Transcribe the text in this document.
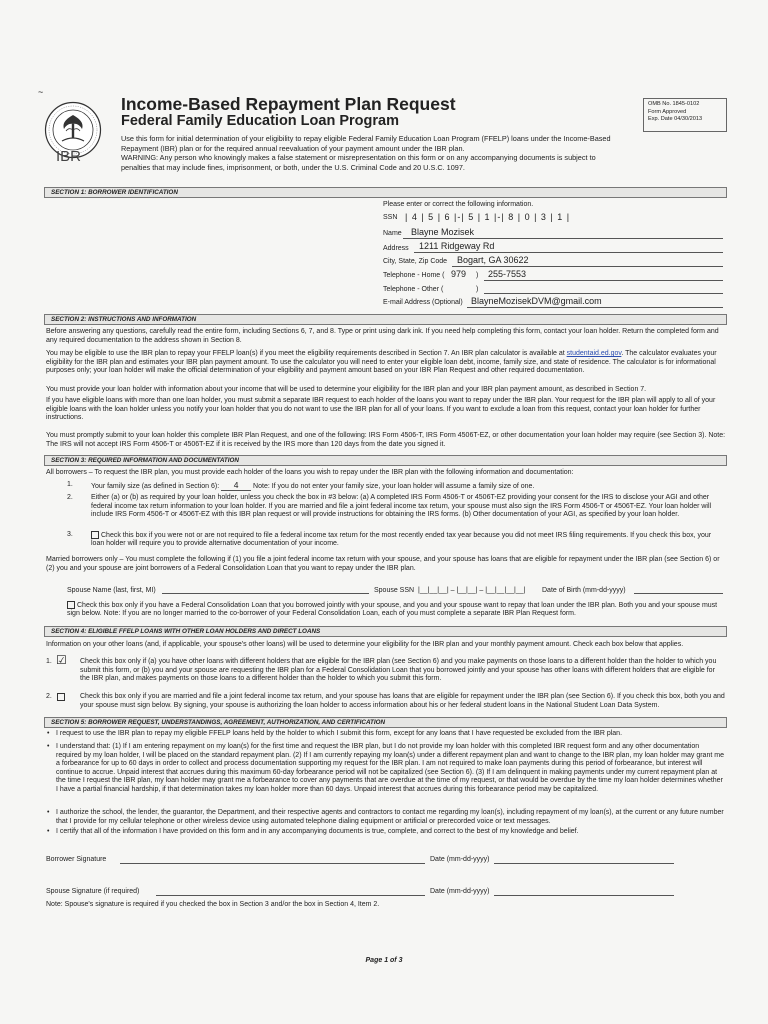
~
IBR
Income-Based Repayment Plan Request
Federal Family Education Loan Program
Use this form for initial determination of your eligibility to repay eligible Federal Family Education Loan Program (FFELP) loans under the Income-Based Repayment (IBR) plan or for the required annual reevaluation of your payment amount under the IBR plan.
WARNING: Any person who knowingly makes a false statement or misrepresentation on this form or on any accompanying documents is subject to penalties that may include fines, imprisonment, or both, under the U.S. Criminal Code and 20 U.S.C. 1097.
OMB No. 1845-0102
Form Approved
Exp. Date 04/30/2013
SECTION 1: BORROWER IDENTIFICATION
Please enter or correct the following information.
SSN | 4 | 5 | 6 |-| 5 | 1 |-| 8 | 0 | 3 | 1 |
Name	Blayne Mozisek
Address	1211 Ridgeway Rd
City, State, Zip Code	Bogart, GA 30622
Telephone - Home ( 979 )	255-7553
Telephone - Other (	)
E-mail Address (Optional) BlayneMozisekDVM@gmail.com
SECTION 2: INSTRUCTIONS AND INFORMATION
Before answering any questions, carefully read the entire form, including Sections 6, 7, and 8. Type or print using dark ink. If you need help completing this form, contact your loan holder. Return the completed form and any required documentation to the address shown in Section 8.
You may be eligible to use the IBR plan to repay your FFELP loan(s) if you meet the eligibility requirements described in Section 7. An IBR plan calculator is available at studentaid.ed.gov. The calculator evaluates your eligibility for the IBR plan and estimates your IBR plan payment amount. To use the calculator you will need to enter your eligible loan debt, income, family size, and state of residence. The calculator is for informational purposes only; your loan holder will make the official determination of your eligibility and payment amount based on your IBR Plan Request and other required documentation.
You must provide your loan holder with information about your income that will be used to determine your eligibility for the IBR plan and your IBR plan payment amount, as described in Section 7.
If you have eligible loans with more than one loan holder, you must submit a separate IBR request to each holder of the loans you want to repay under the IBR plan. Your request for the IBR plan will apply to all of your eligible loans with the loan holder unless you notify your loan holder that you do not want to use the IBR plan for all of your loans. If you want to exclude a loan from this request, contact your loan holder for further instructions.
You must promptly submit to your loan holder this complete IBR Plan Request, and one of the following: IRS Form 4506-T, IRS Form 4506T-EZ, or other documentation your loan holder may require (see Section 3). Note: The IRS will not accept IRS Form 4506-T or 4506T-EZ if it is received by the IRS more than 120 days from the date you signed it.
SECTION 3: REQUIRED INFORMATION AND DOCUMENTATION
All borrowers – To request the IBR plan, you must provide each holder of the loans you wish to repay under the IBR plan with the following information and documentation:
1.	Your family size (as defined in Section 6): 4 Note: If you do not enter your family size, your loan holder will assume a family size of one.
2.	Either (a) or (b) as required by your loan holder, unless you check the box in #3 below: (a) A completed IRS Form 4506-T or 4506T-EZ providing your consent for the IRS to disclose your AGI and other federal income tax return information to your loan holder. If you are married and file a joint federal income tax return, your spouse must also sign the IRS Form 4506-T or 4506T-EZ. Your loan holder will include IRS Form 4506-T or 4506T-EZ with this IBR plan request or will provide instructions for obtaining the IRS forms. (b) Other documentation of your AGI, as specified by your loan holder.
3.	Check this box if you were not or are not required to file a federal income tax return for the most recently ended tax year because you did not meet IRS filing requirements. If you check this box, your loan holder will require you to provide alternative documentation of your income.
Married borrowers only – You must complete the following if (1) you file a joint federal income tax return with your spouse, and your spouse has loans that are eligible for repayment under the IBR plan (see Section 6) or (2) you and your spouse are joint borrowers of a Federal Consolidation Loan that you want to repay under the IBR plan.
Spouse Name (last, first, MI)	Spouse SSN |__|__|__| – |__|__| – |__|__|__|__| Date of Birth (mm-dd-yyyy)
Check this box only if you have a Federal Consolidation Loan that you borrowed jointly with your spouse, and you and your spouse want to repay that loan under the IBR plan. Both you and your spouse must sign below. Note: If you are no longer married to the co-borrower of your Federal Consolidation Loan, each of you must complete a separate IBR Plan Request form.
SECTION 4: ELIGIBLE FFELP LOANS WITH OTHER LOAN HOLDERS AND DIRECT LOANS
Information on your other loans (and, if applicable, your spouse's other loans) will be used to determine your eligibility for the IBR plan and your monthly payment amount. Check each box below that applies.
1. ☑ Check this box only if (a) you have other loans with different holders that are eligible for the IBR plan (see Section 6) and you make payments on those loans to a different holder than the holder to which you submit this form, or (b) you and your spouse are requesting the IBR plan for a Federal Consolidation Loan that you borrowed jointly and your spouse has other loans with different holders that are eligible for the IBR plan, and makes payments on those loans to a different holder than the holder to which you submit this form.
2.	Check this box only if you are married and file a joint federal income tax return, and your spouse has loans that are eligible for repayment under the IBR plan (see Section 6). If you check this box, both you and your spouse must sign below. By signing, your spouse is authorizing the loan holder to access information about his or her federal student loans in the National Student Loan Data System.
SECTION 5: BORROWER REQUEST, UNDERSTANDINGS, AGREEMENT, AUTHORIZATION, AND CERTIFICATION
• I request to use the IBR plan to repay my eligible FFELP loans held by the holder to which I submit this form, except for any loans that I have requested be excluded from the IBR plan.
• I understand that: (1) If I am entering repayment on my loan(s) for the first time and request the IBR plan, but I do not provide my loan holder with this completed IBR request form and any other documentation required by my loan holder, I will be placed on the standard repayment plan. (2) If I am currently repaying my loan(s) under a different repayment plan and want to change to the IBR plan, my loan holder may grant me a forbearance for up to 60 days in order to collect and process documentation supporting my request for the IBR plan. I am not required to make loan payments during this period of forbearance, but interest will continue to accrue. Unpaid interest that accrues during this maximum 60-day forbearance period will not be capitalized (see Section 6). (3) If I am delinquent in making payments under my current repayment plan at the time I request the IBR plan, my loan holder may grant me a forbearance to cover any payments that are overdue at the time of my request, or that would be overdue by the time my loan holder determines whether I have a partial financial hardship, if that determination takes my loan holder more than 60 days. Unpaid interest that accrues during this forbearance period may be capitalized.
• I authorize the school, the lender, the guarantor, the Department, and their respective agents and contractors to contact me regarding my loan(s), including repayment of my loan(s), at the current or any future number that I provide for my cellular telephone or other wireless device using automated telephone dialing equipment or artificial or prerecorded voice or text messages.
• I certify that all of the information I have provided on this form and in any accompanying documents is true, complete, and correct to the best of my knowledge and belief.
Borrower Signature	Date (mm-dd-yyyy)
Spouse Signature (if required)	Date (mm-dd-yyyy)
Note: Spouse's signature is required if you checked the box in Section 3 and/or the box in Section 4, Item 2.
Page 1 of 3
